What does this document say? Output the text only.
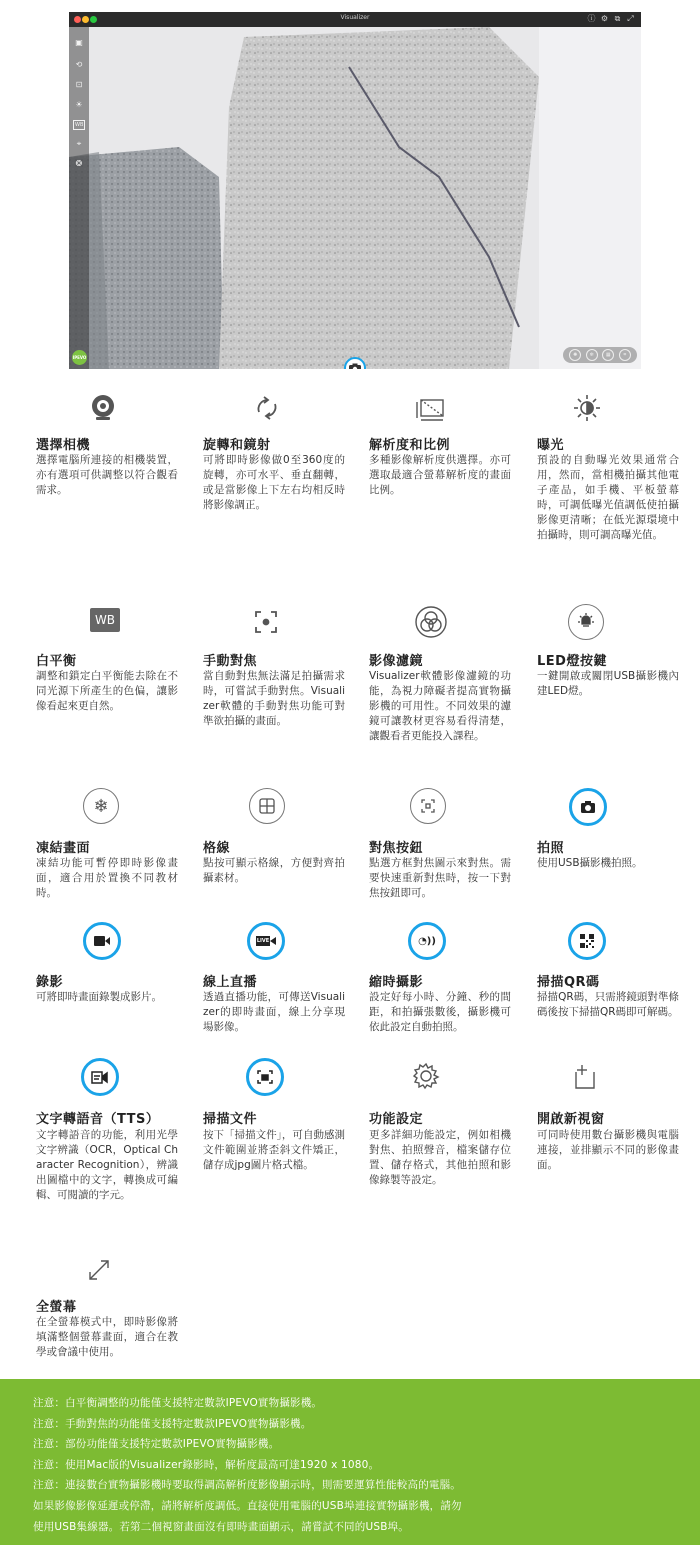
✺	❄	▦	⌗
▣
⟲
⊡
☀
WB
⌖
❂
IPEVO
Visualizer	ⓘ ⚙ ⧉ ⤢
選擇相機

選擇電腦所連接的相機裝置，亦有選項可供調整以符合觀看需求。

旋轉和鏡射

可將即時影像做0至360度的旋轉，亦可水平、垂直翻轉，或是當影像上下左右均相反時將影像調正。

解析度和比例

多種影像解析度供選擇。亦可選取最適合螢幕解析度的畫面比例。

曝光

預設的自動曝光效果通常合用，然而，當相機拍攝其他電子產品，如手機、平板螢幕時，可調低曝光值調低使拍攝影像更清晰；在低光源環境中拍攝時，則可調高曝光值。

WB
白平衡

調整和鎖定白平衡能去除在不同光源下所產生的色偏，讓影像看起來更自然。

手動對焦

當自動對焦無法滿足拍攝需求時，可嘗試手動對焦。Visualizer軟體的手動對焦功能可對準欲拍攝的畫面。

影像濾鏡

Visualizer軟體影像濾鏡的功能，為視力障礙者提高實物攝影機的可用性。不同效果的濾鏡可讓教材更容易看得清楚，讓觀看者更能投入課程。

LED燈按鍵

一鍵開啟或關閉USB攝影機內建LED燈。

❄
凍結畫面

凍結功能可暫停即時影像畫面，適合用於置換不同教材時。

格線

點按可顯示格線，方便對齊拍攝素材。

對焦按鈕

點選方框對焦圖示來對焦。需要快速重新對焦時，按一下對焦按鈕即可。

拍照

使用USB攝影機拍照。

錄影

可將即時畫面錄製成影片。

LIVE
線上直播

透過直播功能，可傳送Visualizer的即時畫面，線上分享現場影像。

◔))
縮時攝影

設定好每小時、分鐘、秒的間距，和拍攝張數後，攝影機可依此設定自動拍照。

掃描QR碼

掃描QR碼，只需將鏡頭對準條碼後按下掃描QR碼即可解碼。

文字轉語音（TTS）

文字轉語音的功能，利用光學文字辨識（OCR，Optical Character Recognition），辨識出圖檔中的文字，轉換成可編輯、可閱讀的字元。

掃描文件

按下「掃描文件」，可自動感測文件範圍並將歪斜文件矯正，儲存成jpg圖片格式檔。

功能設定

更多詳細功能設定，例如相機對焦、拍照聲音，檔案儲存位置、儲存格式，其他拍照和影像錄製等設定。

開啟新視窗

可同時使用數台攝影機與電腦連接，並排顯示不同的影像畫面。

全螢幕

在全螢幕模式中，即時影像將填滿整個螢幕畫面，適合在教學或會議中使用。

注意：白平衡調整的功能僅支援特定數款IPEVO實物攝影機。

注意：手動對焦的功能僅支援特定數款IPEVO實物攝影機。

注意：部份功能僅支援特定數款IPEVO實物攝影機。

注意：使用Mac版的Visualizer錄影時，解析度最高可達1920 x 1080。

注意：連接數台實物攝影機時要取得調高解析度影像顯示時，則需要運算性能較高的電腦。

如果影像影像延遲或停滯，請將解析度調低。直接使用電腦的USB埠連接實物攝影機，請勿

使用USB集線器。若第二個視窗畫面沒有即時畫面顯示，請嘗試不同的USB埠。
